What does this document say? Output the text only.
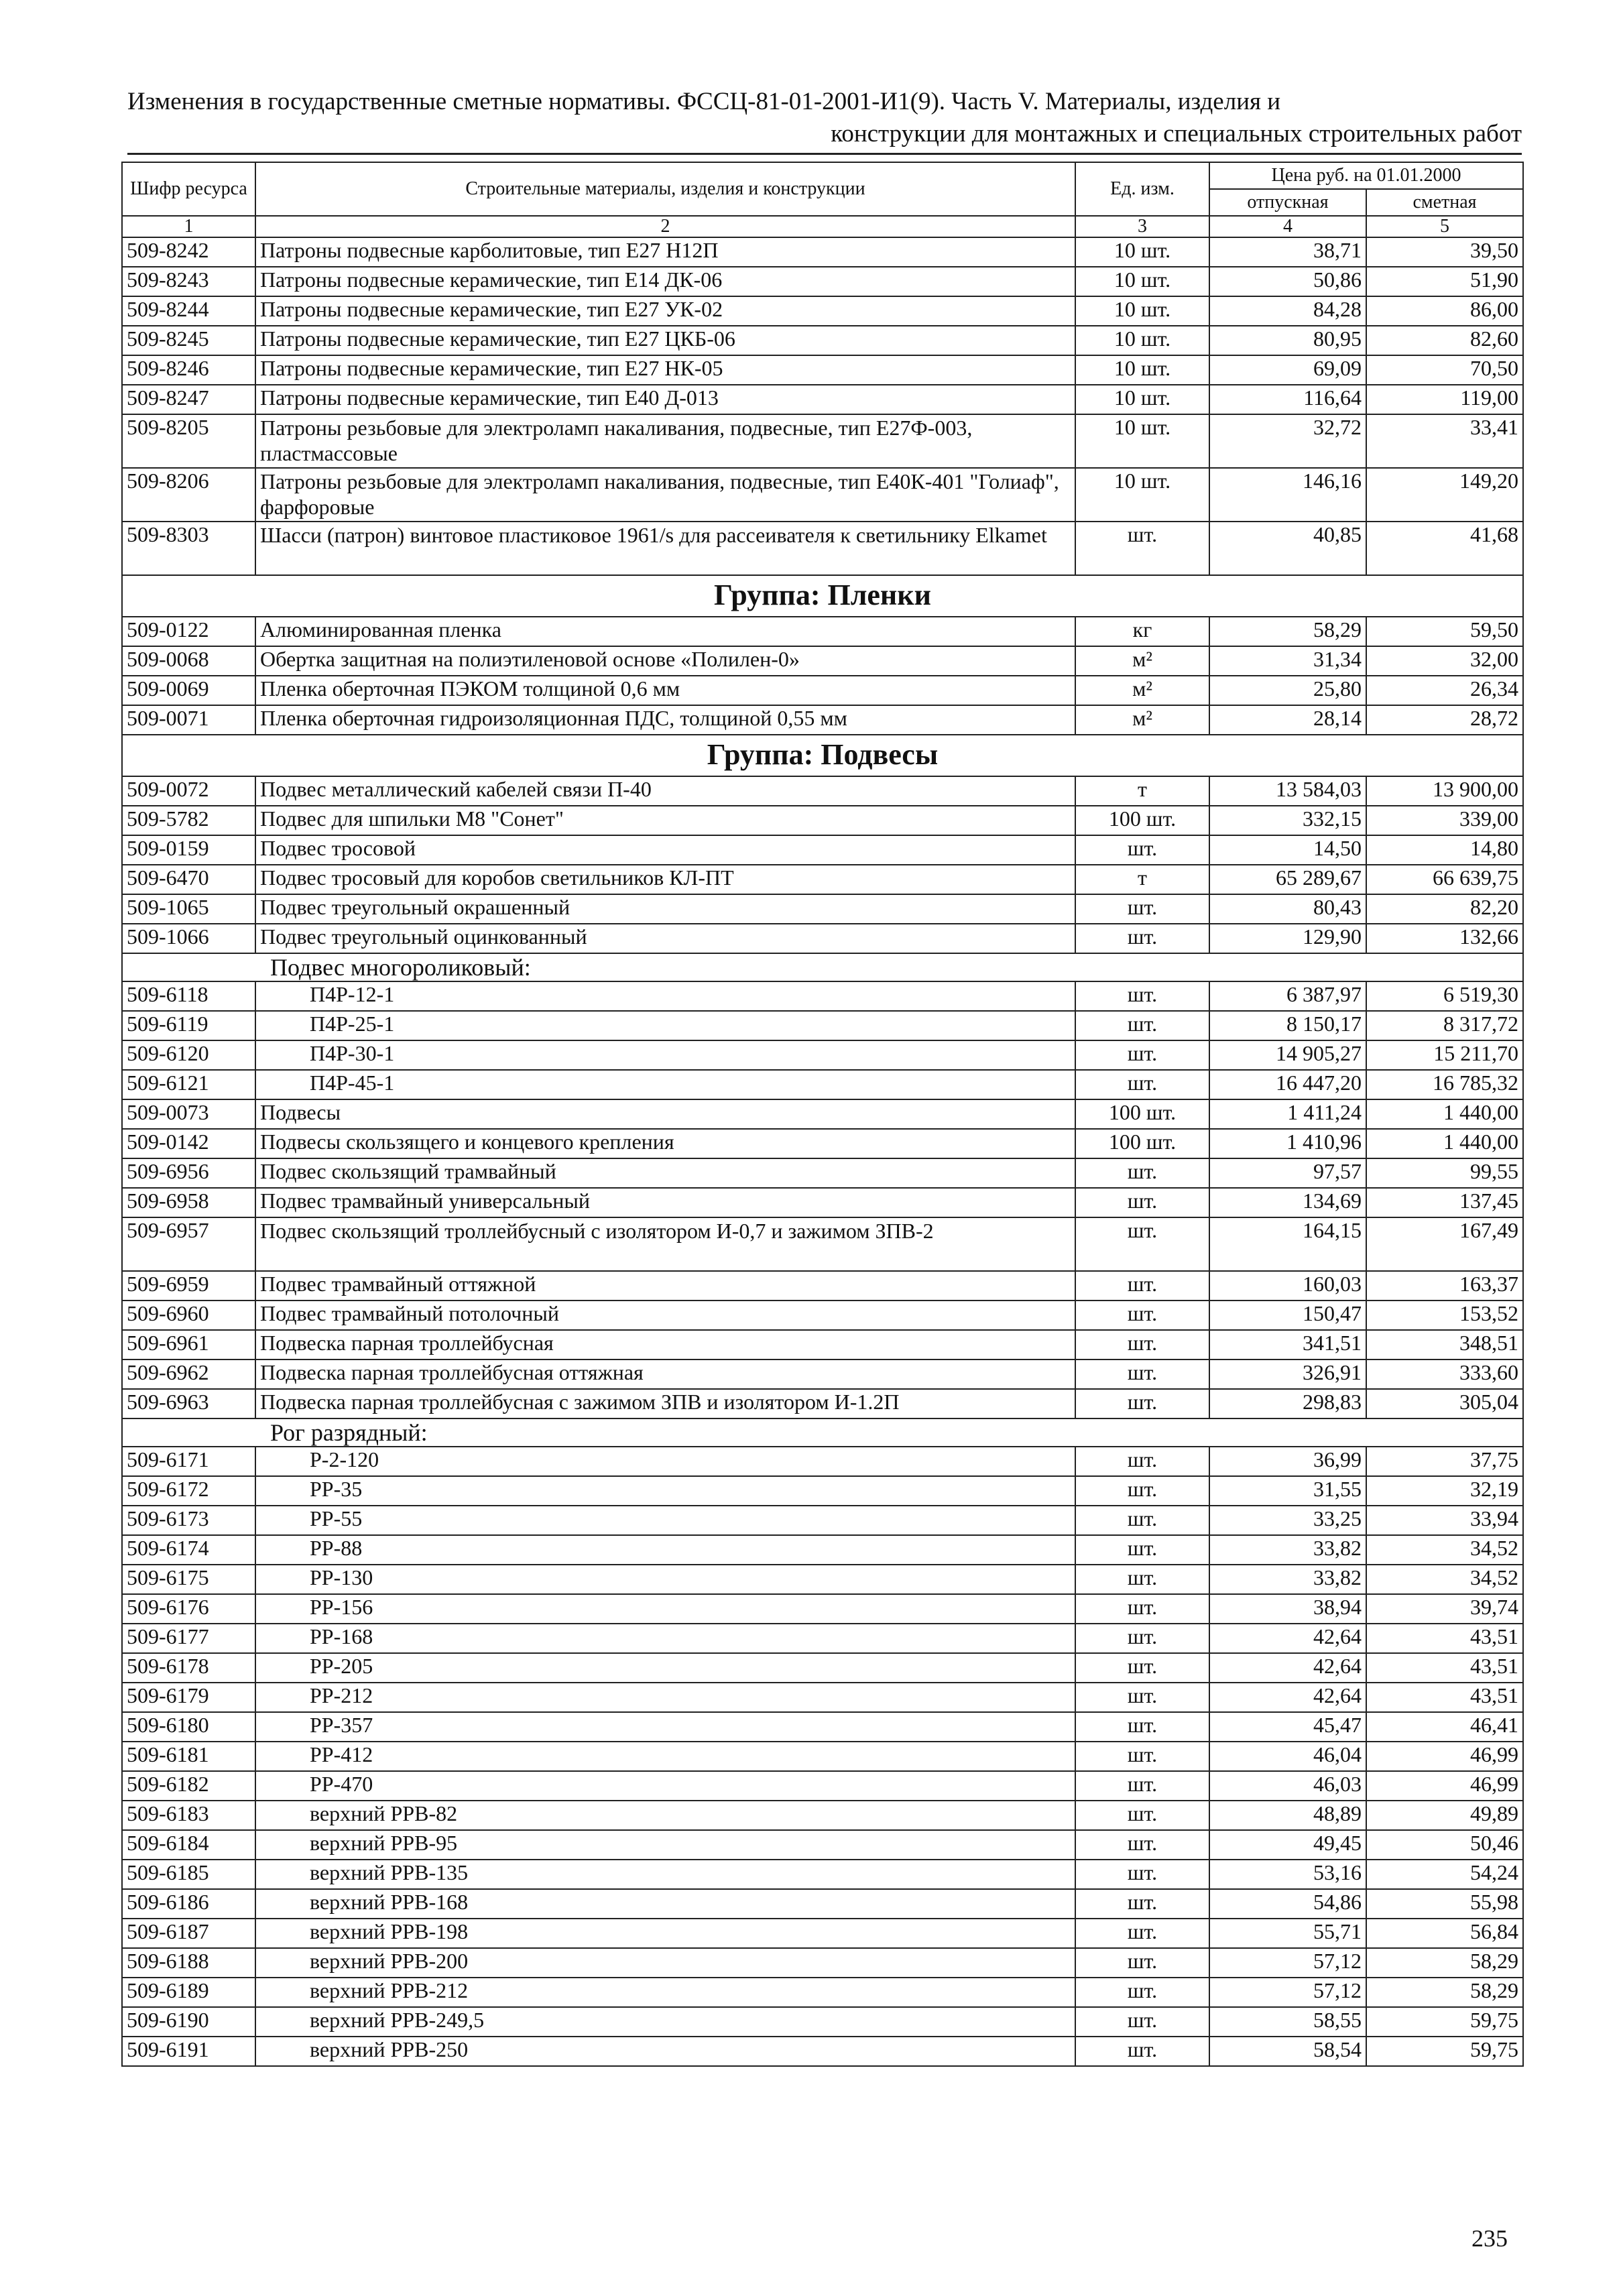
Изменения в государственные сметные нормативы. ФССЦ-81-01-2001-И1(9). Часть V. Материалы, изделия и
конструкции для монтажных и специальных строительных работ
Шифр ресурса	Строительные материалы, изделия и конструкции	Ед. изм.	Цена руб. на 01.01.2000	
			отпускная	сметная
1	2	3	4	5
509-8242	Патроны подвесные карболитовые, тип Е27 Н12П	10 шт.	38,71	39,50
509-8243	Патроны подвесные керамические, тип Е14 ДК-06	10 шт.	50,86	51,90
509-8244	Патроны подвесные керамические, тип Е27 УК-02	10 шт.	84,28	86,00
509-8245	Патроны подвесные керамические, тип Е27 ЦКБ-06	10 шт.	80,95	82,60
509-8246	Патроны подвесные керамические, тип Е27 НК-05	10 шт.	69,09	70,50
509-8247	Патроны подвесные керамические, тип Е40 Д-013	10 шт.	116,64	119,00
509-8205	Патроны резьбовые для электроламп накаливания, подвесные, тип Е27Ф-003, пластмассовые	10 шт.	32,72	33,41
509-8206	Патроны резьбовые для электроламп накаливания, подвесные, тип Е40К-401 "Голиаф", фарфоровые	10 шт.	146,16	149,20
509-8303	Шасси (патрон) винтовое пластиковое 1961/s для рассеивателя к светильнику Elkamet	шт.	40,85	41,68
Группа: Пленки				
509-0122	Алюминированная пленка	кг	58,29	59,50
509-0068	Обертка защитная на полиэтиленовой основе «Полилен-0»	м²	31,34	32,00
509-0069	Пленка оберточная ПЭКОМ толщиной 0,6 мм	м²	25,80	26,34
509-0071	Пленка оберточная гидроизоляционная ПДС, толщиной 0,55 мм	м²	28,14	28,72
Группа: Подвесы				
509-0072	Подвес металлический кабелей связи П-40	т	13 584,03	13 900,00
509-5782	Подвес для шпильки М8 "Сонет"	100 шт.	332,15	339,00
509-0159	Подвес тросовой	шт.	14,50	14,80
509-6470	Подвес тросовый для коробов светильников КЛ-ПТ	т	65 289,67	66 639,75
509-1065	Подвес треугольный окрашенный	шт.	80,43	82,20
509-1066	Подвес треугольный оцинкованный	шт.	129,90	132,66
Подвес многороликовый:				
509-6118	П4Р-12-1	шт.	6 387,97	6 519,30
509-6119	П4Р-25-1	шт.	8 150,17	8 317,72
509-6120	П4Р-30-1	шт.	14 905,27	15 211,70
509-6121	П4Р-45-1	шт.	16 447,20	16 785,32
509-0073	Подвесы	100 шт.	1 411,24	1 440,00
509-0142	Подвесы скользящего и концевого крепления	100 шт.	1 410,96	1 440,00
509-6956	Подвес скользящий трамвайный	шт.	97,57	99,55
509-6958	Подвес трамвайный универсальный	шт.	134,69	137,45
509-6957	Подвес скользящий троллейбусный с изолятором И-0,7 и зажимом ЗПВ-2	шт.	164,15	167,49
509-6959	Подвес трамвайный оттяжной	шт.	160,03	163,37
509-6960	Подвес трамвайный потолочный	шт.	150,47	153,52
509-6961	Подвеска парная троллейбусная	шт.	341,51	348,51
509-6962	Подвеска парная троллейбусная оттяжная	шт.	326,91	333,60
509-6963	Подвеска парная троллейбусная с зажимом ЗПВ и изолятором И-1.2П	шт.	298,83	305,04
Рог разрядный:				
509-6171	Р-2-120	шт.	36,99	37,75
509-6172	РР-35	шт.	31,55	32,19
509-6173	РР-55	шт.	33,25	33,94
509-6174	РР-88	шт.	33,82	34,52
509-6175	РР-130	шт.	33,82	34,52
509-6176	РР-156	шт.	38,94	39,74
509-6177	РР-168	шт.	42,64	43,51
509-6178	РР-205	шт.	42,64	43,51
509-6179	РР-212	шт.	42,64	43,51
509-6180	РР-357	шт.	45,47	46,41
509-6181	РР-412	шт.	46,04	46,99
509-6182	РР-470	шт.	46,03	46,99
509-6183	верхний РРВ-82	шт.	48,89	49,89
509-6184	верхний РРВ-95	шт.	49,45	50,46
509-6185	верхний РРВ-135	шт.	53,16	54,24
509-6186	верхний РРВ-168	шт.	54,86	55,98
509-6187	верхний РРВ-198	шт.	55,71	56,84
509-6188	верхний РРВ-200	шт.	57,12	58,29
509-6189	верхний РРВ-212	шт.	57,12	58,29
509-6190	верхний РРВ-249,5	шт.	58,55	59,75
509-6191	верхний РРВ-250	шт.	58,54	59,75
235
